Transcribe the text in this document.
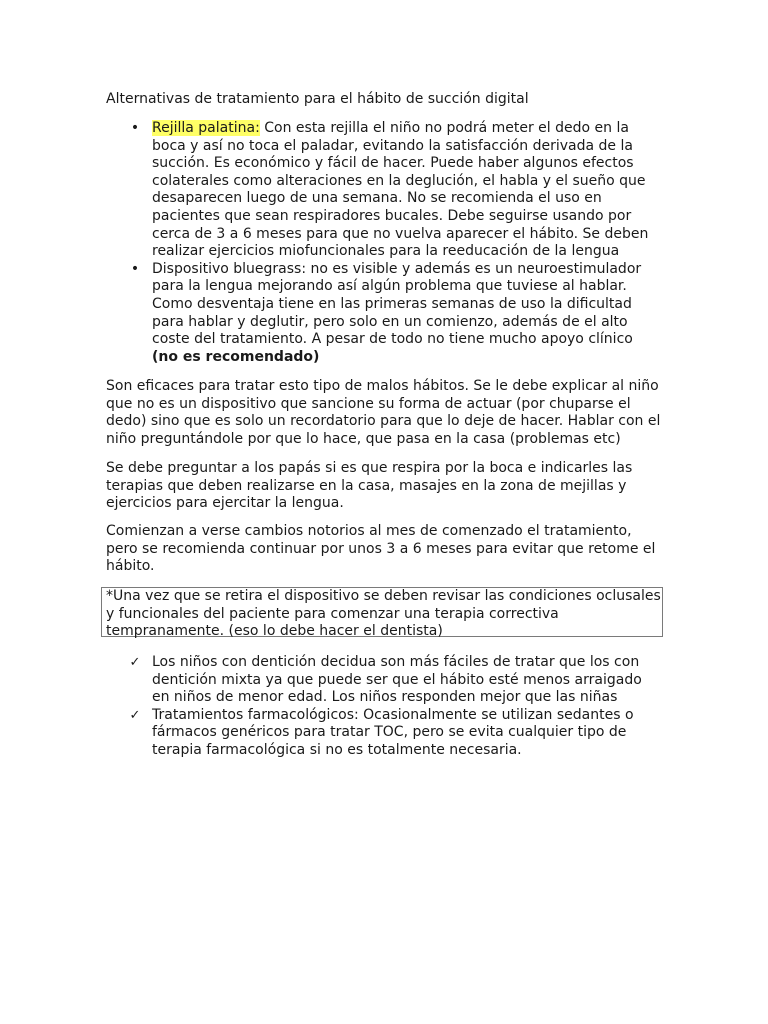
Alternativas de tratamiento para el hábito de succión digital
•
Rejilla palatina: Con esta rejilla el niño no podrá meter el dedo en la boca y así no toca el paladar, evitando la satisfacción derivada de la succión. Es económico y fácil de hacer. Puede haber algunos efectos colaterales como alteraciones en la deglución, el habla y el sueño que desaparecen luego de una semana. No se recomienda el uso en pacientes que sean respiradores bucales. Debe seguirse usando por cerca de 3 a 6 meses para que no vuelva aparecer el hábito. Se deben realizar ejercicios miofuncionales para la reeducación de la lengua
•
Dispositivo bluegrass: no es visible y además es un neuroestimulador para la lengua mejorando así algún problema que tuviese al hablar. Como desventaja tiene en las primeras semanas de uso la dificultad para hablar y deglutir, pero solo en un comienzo, además de el alto coste del tratamiento. A pesar de todo no tiene mucho apoyo clínico (no es recomendado)

Son eficaces para tratar esto tipo de malos hábitos. Se le debe explicar al niño que no es un dispositivo que sancione su forma de actuar (por chuparse el dedo) sino que es solo un recordatorio para que lo deje de hacer. Hablar con el niño preguntándole por que lo hace, que pasa en la casa (problemas etc)

Se debe preguntar a los papás si es que respira por la boca e indicarles las terapias que deben realizarse en la casa, masajes en la zona de mejillas y ejercicios para ejercitar la lengua.

Comienzan a verse cambios notorios al mes de comenzado el tratamiento, pero se recomienda continuar por unos 3 a 6 meses para evitar que retome el hábito.

*Una vez que se retira el dispositivo se deben revisar las condiciones oclusales y funcionales del paciente para comenzar una terapia correctiva tempranamente. (eso lo debe hacer el dentista)
✓ Los niños con dentición decidua son más fáciles de tratar que los con dentición mixta ya que puede ser que el hábito esté menos arraigado en niños de menor edad. Los niños responden mejor que las niñas
✓ Tratamientos farmacológicos: Ocasionalmente se utilizan sedantes o fármacos genéricos para tratar TOC, pero se evita cualquier tipo de terapia farmacológica si no es totalmente necesaria.
